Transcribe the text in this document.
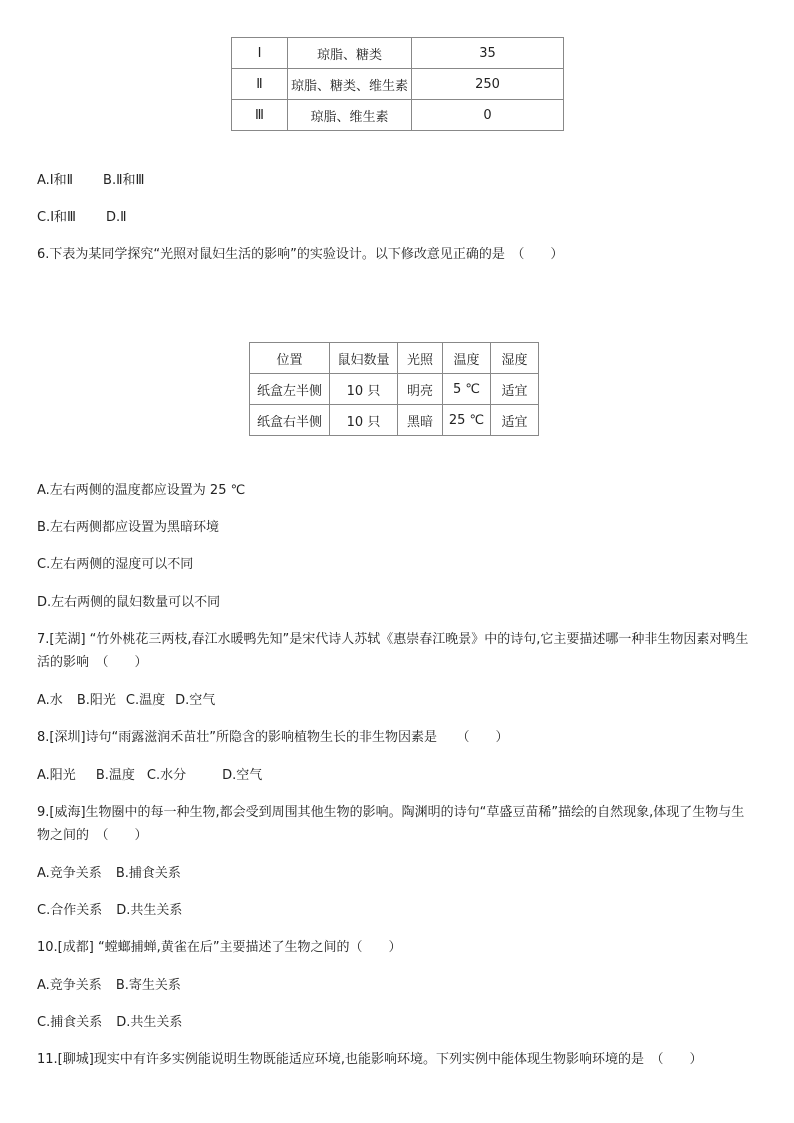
Ⅰ	琼脂、糖类	35
Ⅱ	琼脂、糖类、维生素	250
Ⅲ	琼脂、维生素	0
A.Ⅰ和Ⅱ B.Ⅱ和Ⅲ
C.Ⅰ和Ⅲ D.Ⅱ
6.下表为某同学探究“光照对鼠妇生活的影响”的实验设计。以下修改意见正确的是　（　　）
位置	鼠妇数量	光照	温度	湿度
纸盒左半侧	10 只	明亮	5 ℃	适宜
纸盒右半侧	10 只	黑暗	25 ℃	适宜
A.左右两侧的温度都应设置为 25 ℃
B.左右两侧都应设置为黑暗环境
C.左右两侧的湿度可以不同
D.左右两侧的鼠妇数量可以不同
7.[芜湖] “竹外桃花三两枝,春江水暖鸭先知”是宋代诗人苏轼《惠崇春江晚景》中的诗句,它主要描述哪一种非生物因素对鸭生活的影响　（　　）
A.水 B.阳光 C.温度 D.空气
8.[深圳]诗句“雨露滋润禾苗壮”所隐含的影响植物生长的非生物因素是　　（　　）
A.阳光 B.温度 C.水分	D.空气
9.[威海]生物圈中的每一种生物,都会受到周围其他生物的影响。陶渊明的诗句“草盛豆苗稀”描绘的自然现象,体现了生物与生物之间的　（　　）
A.竞争关系 B.捕食关系
C.合作关系 D.共生关系
10.[成都] “螳螂捕蝉,黄雀在后”主要描述了生物之间的（　　）
A.竞争关系 B.寄生关系
C.捕食关系 D.共生关系
11.[聊城]现实中有许多实例能说明生物既能适应环境,也能影响环境。下列实例中能体现生物影响环境的是　（　　）
